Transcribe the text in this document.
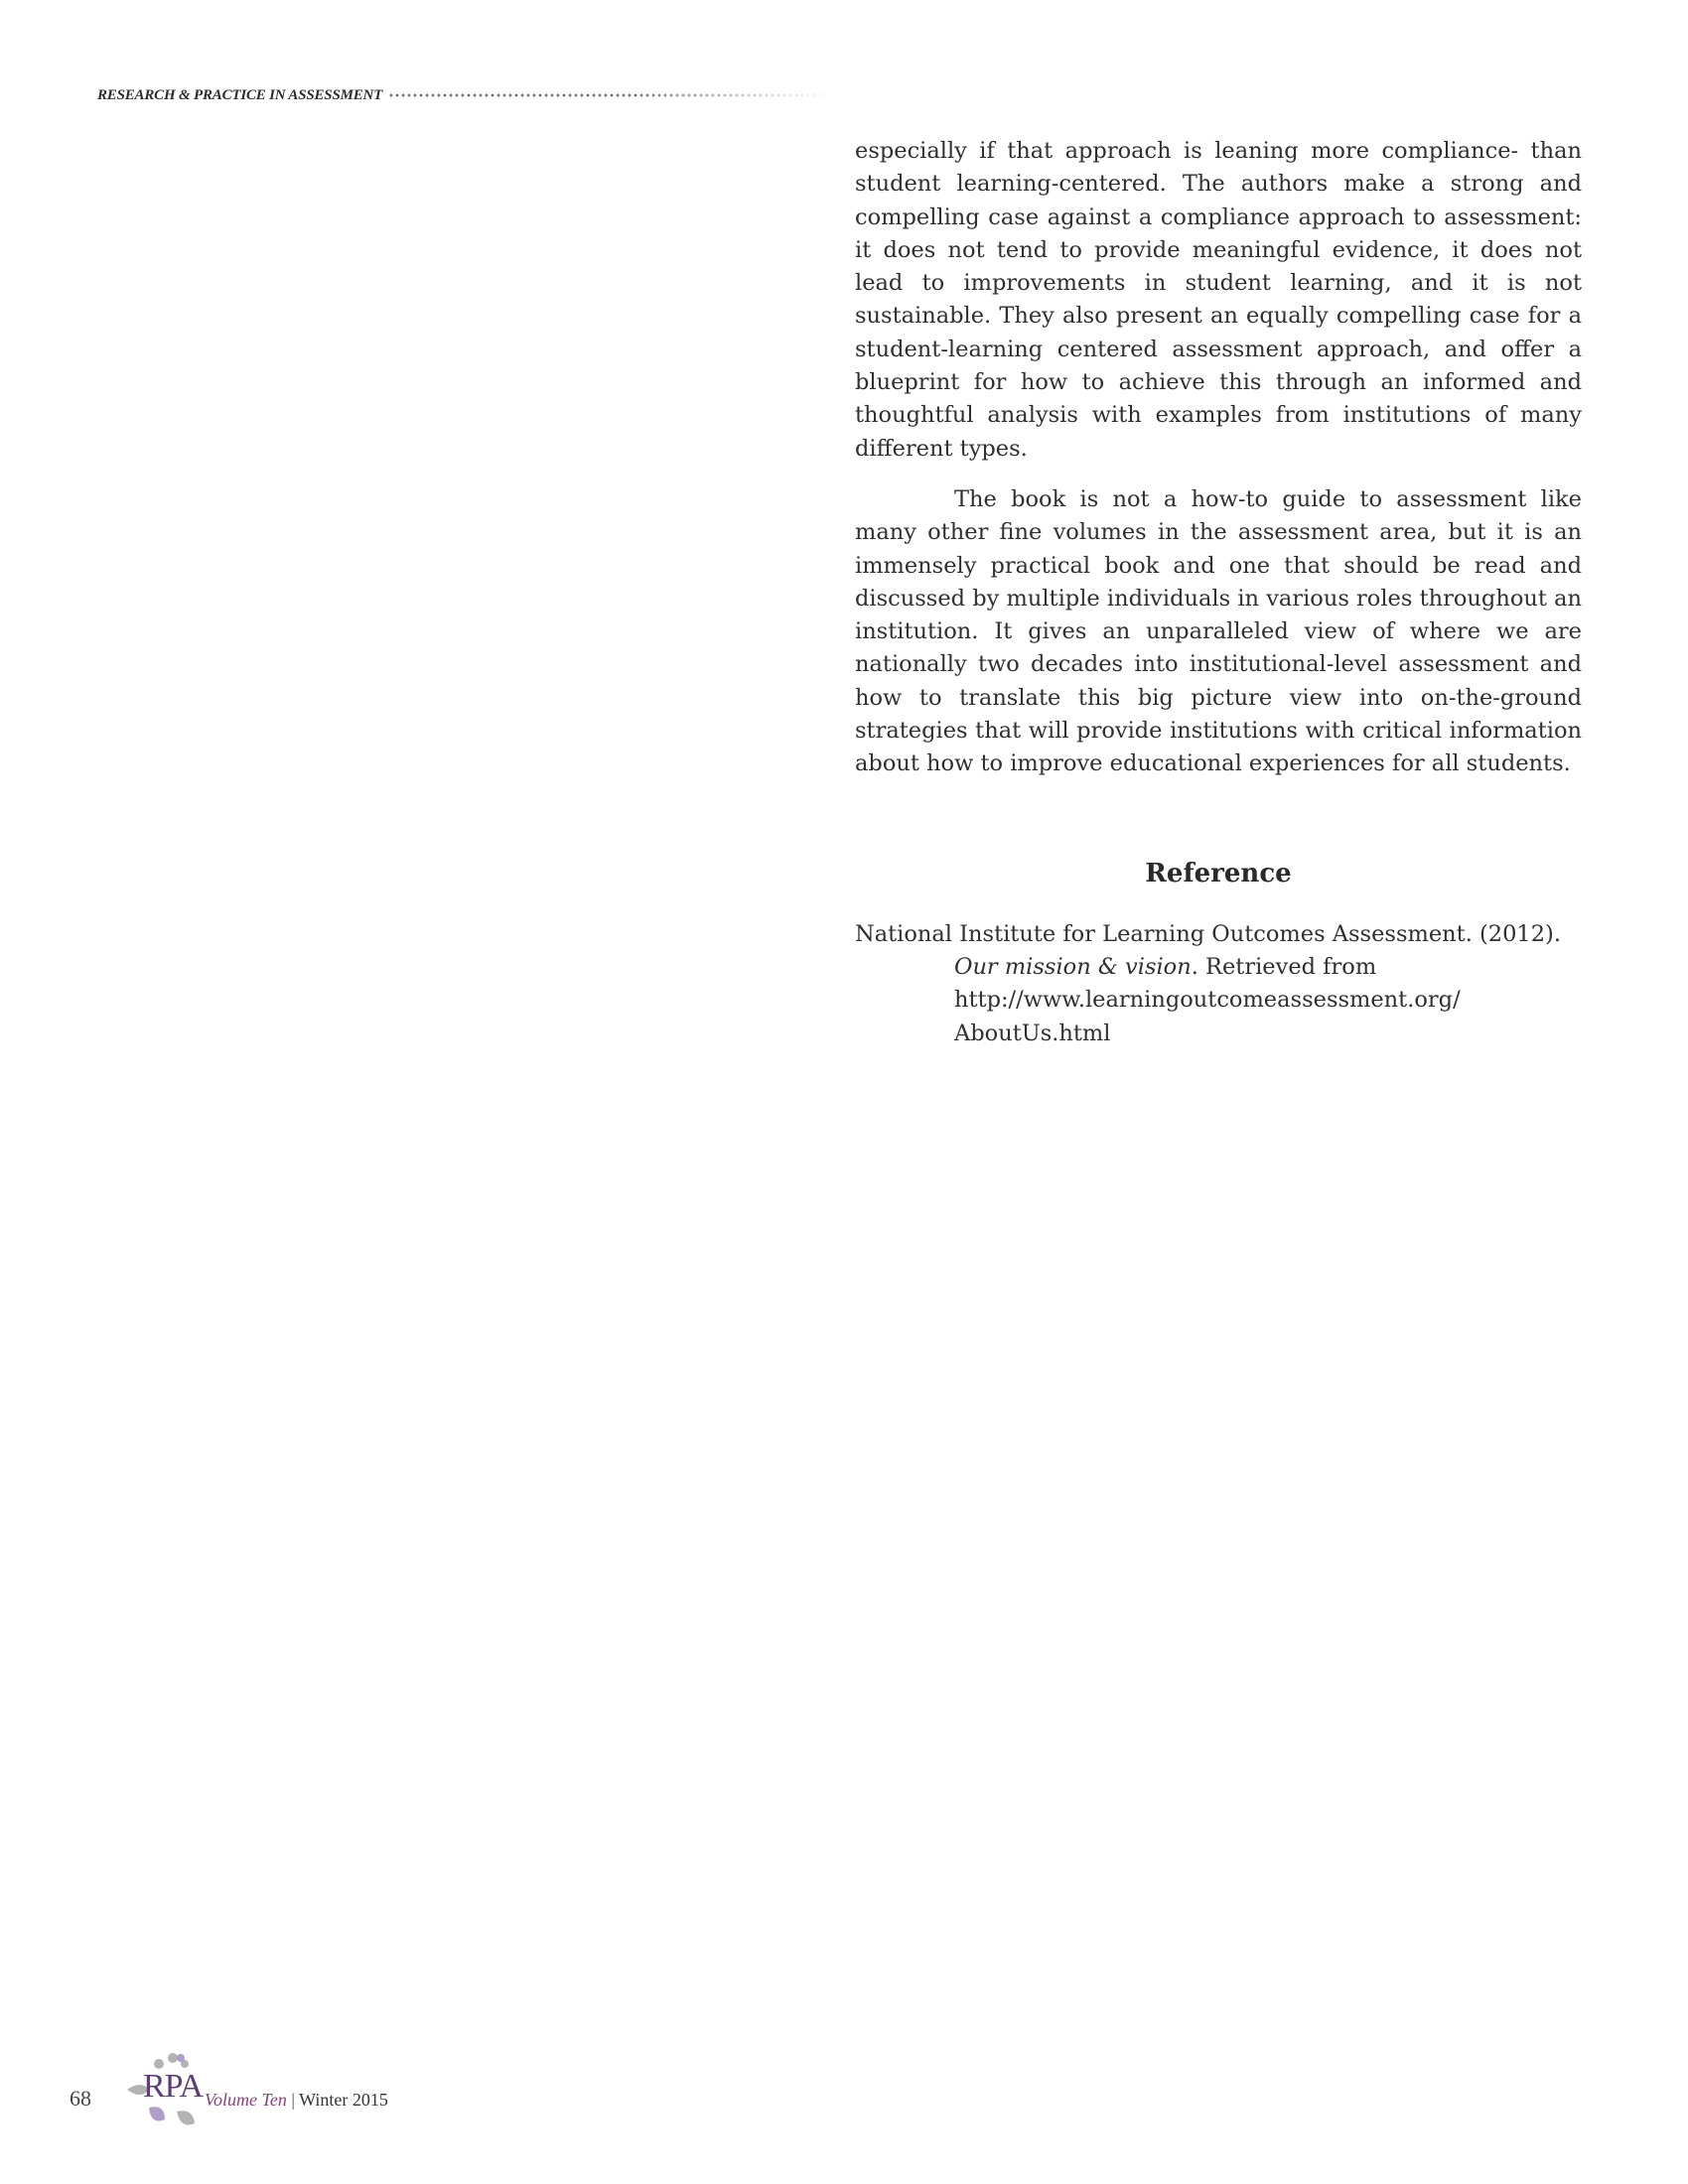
RESEARCH & PRACTICE IN ASSESSMENT

especially if that approach is leaning more compliance- than student learning-centered. The authors make a strong and compelling case against a compliance approach to assessment: it does not tend to provide meaningful evidence, it does not lead to improvements in student learning, and it is not sustainable. They also present an equally compelling case for a student-learning centered assessment approach, and offer a blueprint for how to achieve this through an informed and thoughtful analysis with examples from institutions of many different types.

The book is not a how-to guide to assessment like many other fine volumes in the assessment area, but it is an immensely practical book and one that should be read and discussed by multiple individuals in various roles throughout an institution. It gives an unparalleled view of where we are nationally two decades into institutional-level assessment and how to translate this big picture view into on-the-ground strategies that will provide institutions with critical information about how to improve educational experiences for all students.

Reference
National Institute for Learning Outcomes Assessment. (2012). Our mission & vision. Retrieved from http://www.learningoutcomeassessment.org/
AboutUs.html
68 RPA Volume Ten | Winter 2015
